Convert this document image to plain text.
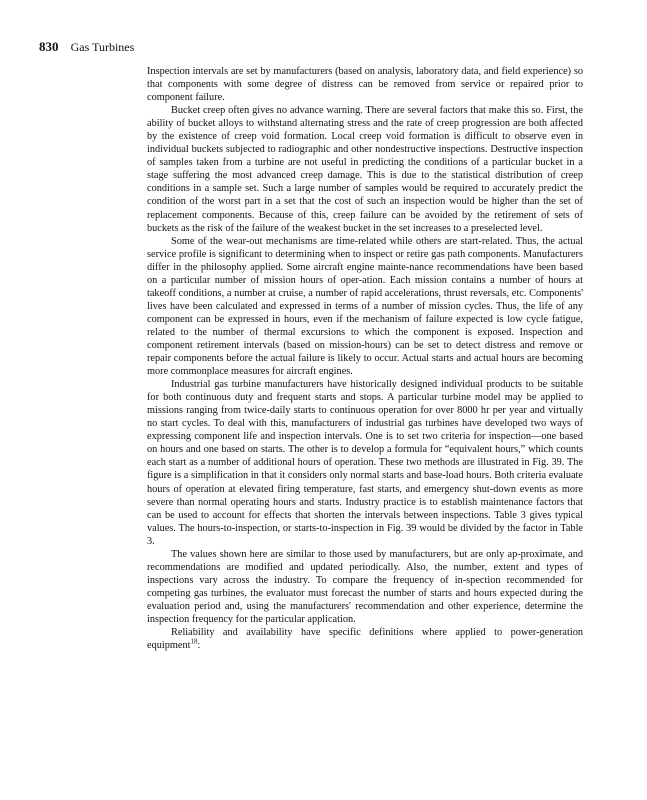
830 Gas Turbines

Inspection intervals are set by manufacturers (based on analysis, laboratory data, and field experience) so that components with some degree of distress can be removed from service or repaired prior to component failure.

Bucket creep often gives no advance warning. There are several factors that make this so. First, the ability of bucket alloys to withstand alternating stress and the rate of creep progression are both affected by the existence of creep void formation. Local creep void formation is difficult to observe even in individual buckets subjected to radiographic and other nondestructive inspections. Destructive inspection of samples taken from a turbine are not useful in predicting the conditions of a particular bucket in a stage suffering the most advanced creep damage. This is due to the statistical distribution of creep conditions in a sample set. Such a large number of samples would be required to accurately predict the condition of the worst part in a set that the cost of such an inspection would be higher than the set of replacement components. Because of this, creep failure can be avoided by the retirement of sets of buckets as the risk of the failure of the weakest bucket in the set increases to a preselected level.

Some of the wear-out mechanisms are time-related while others are start-related. Thus, the actual service profile is significant to determining when to inspect or retire gas path components. Manufacturers differ in the philosophy applied. Some aircraft engine mainte-nance recommendations have been based on a particular number of mission hours of oper-ation. Each mission contains a number of hours at takeoff conditions, a number at cruise, a number of rapid accelerations, thrust reversals, etc. Components' lives have been calculated and expressed in terms of a number of mission cycles. Thus, the life of any component can be expressed in hours, even if the mechanism of failure expected is low cycle fatigue, related to the number of thermal excursions to which the component is exposed. Inspection and component retirement intervals (based on mission-hours) can be set to detect distress and remove or repair components before the actual failure is likely to occur. Actual starts and actual hours are becoming more commonplace measures for aircraft engines.

Industrial gas turbine manufacturers have historically designed individual products to be suitable for both continuous duty and frequent starts and stops. A particular turbine model may be applied to missions ranging from twice-daily starts to continuous operation for over 8000 hr per year and virtually no start cycles. To deal with this, manufacturers of industrial gas turbines have developed two ways of expressing component life and inspection intervals. One is to set two criteria for inspection—one based on hours and one based on starts. The other is to develop a formula for “equivalent hours,” which counts each start as a number of additional hours of operation. These two methods are illustrated in Fig. 39. The figure is a simplification in that it considers only normal starts and base-load hours. Both criteria evaluate hours of operation at elevated firing temperature, fast starts, and emergency shut-down events as more severe than normal operating hours and starts. Industry practice is to establish maintenance factors that can be used to account for effects that shorten the intervals between inspections. Table 3 gives typical values. The hours-to-inspection, or starts-to-inspection in Fig. 39 would be divided by the factor in Table 3.

The values shown here are similar to those used by manufacturers, but are only ap-proximate, and recommendations are modified and updated periodically. Also, the number, extent and types of inspections vary across the industry. To compare the frequency of in-spection recommended for competing gas turbines, the evaluator must forecast the number of starts and hours expected during the evaluation period and, using the manufacturers' recommendation and other experience, determine the inspection frequency for the particular application.

Reliability and availability have specific definitions where applied to power-generation equipment$^{18}$:
